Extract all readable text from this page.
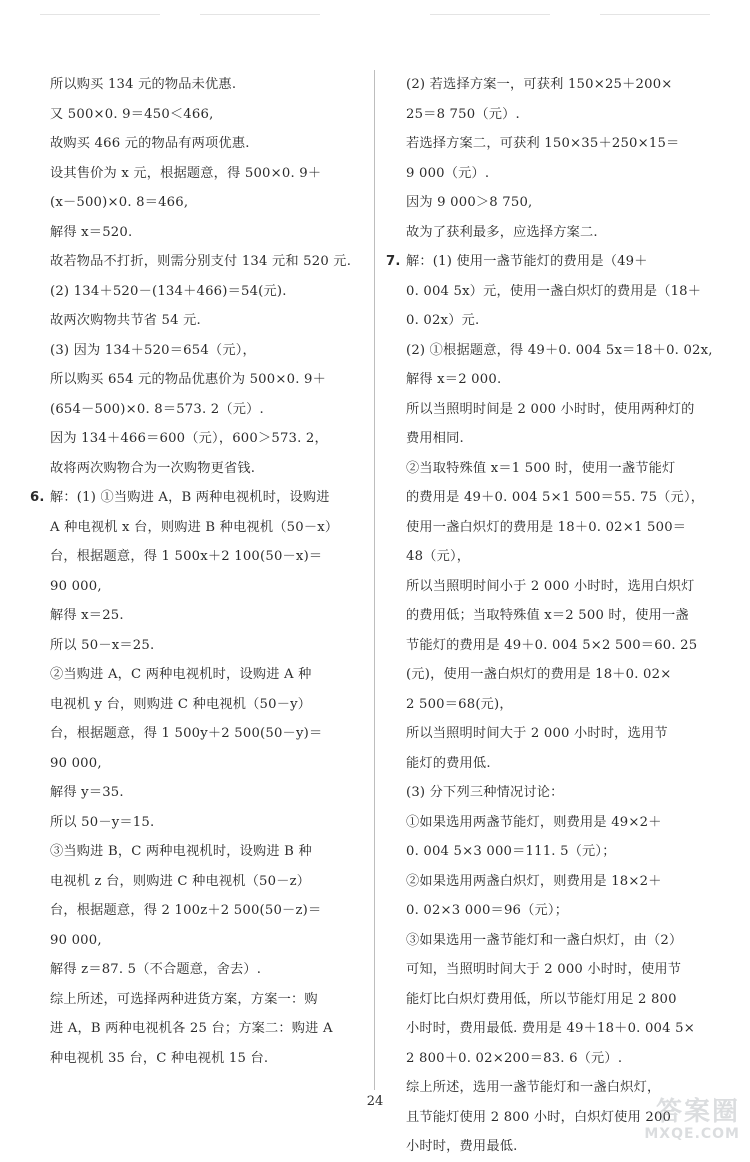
所以购买 134 元的物品未优惠.
又 500×0. 9＝450＜466,
故购买 466 元的物品有两项优惠.
设其售价为 x 元，根据题意，得 500×0. 9＋
(x－500)×0. 8＝466,
解得 x＝520.
故若物品不打折，则需分别支付 134 元和 520 元.
(2) 134＋520－(134＋466)＝54(元).
故两次购物共节省 54 元.
(3) 因为 134＋520＝654（元），
所以购买 654 元的物品优惠价为 500×0. 9＋
(654－500)×0. 8＝573. 2（元）.
因为 134＋466＝600（元），600＞573. 2，
故将两次购物合为一次购物更省钱.
6. 解：(1) ①当购进 A，B 两种电视机时，设购进
A 种电视机 x 台，则购进 B 种电视机（50－x）
台，根据题意，得 1 500x＋2 100(50－x)＝
90 000,
解得 x＝25.
所以 50－x＝25.
②当购进 A，C 两种电视机时，设购进 A 种
电视机 y 台，则购进 C 种电视机（50－y）
台，根据题意，得 1 500y＋2 500(50－y)＝
90 000,
解得 y＝35.
所以 50－y＝15.
③当购进 B，C 两种电视机时，设购进 B 种
电视机 z 台，则购进 C 种电视机（50－z）
台，根据题意，得 2 100z＋2 500(50－z)＝
90 000,
解得 z＝87. 5（不合题意，舍去）.
综上所述，可选择两种进货方案，方案一：购
进 A，B 两种电视机各 25 台；方案二：购进 A
种电视机 35 台，C 种电视机 15 台.
(2) 若选择方案一，可获利 150×25＋200×
25＝8 750（元）.
若选择方案二，可获利 150×35＋250×15＝
9 000（元）.
因为 9 000＞8 750,
故为了获利最多，应选择方案二.
7. 解：(1) 使用一盏节能灯的费用是（49＋
0. 004 5x）元，使用一盏白炽灯的费用是（18＋
0. 02x）元.
(2) ①根据题意，得 49＋0. 004 5x＝18＋0. 02x,
解得 x＝2 000.
所以当照明时间是 2 000 小时时，使用两种灯的
费用相同.
②当取特殊值 x＝1 500 时，使用一盏节能灯
的费用是 49＋0. 004 5×1 500＝55. 75（元），
使用一盏白炽灯的费用是 18＋0. 02×1 500＝
48（元），
所以当照明时间小于 2 000 小时时，选用白炽灯
的费用低；当取特殊值 x＝2 500 时，使用一盏
节能灯的费用是 49＋0. 004 5×2 500＝60. 25
(元)，使用一盏白炽灯的费用是 18＋0. 02×
2 500＝68(元)，
所以当照明时间大于 2 000 小时时，选用节
能灯的费用低.
(3) 分下列三种情况讨论：
①如果选用两盏节能灯，则费用是 49×2＋
0. 004 5×3 000＝111. 5（元）；
②如果选用两盏白炽灯，则费用是 18×2＋
0. 02×3 000＝96（元）；
③如果选用一盏节能灯和一盏白炽灯，由（2）
可知，当照明时间大于 2 000 小时时，使用节
能灯比白炽灯费用低，所以节能灯用足 2 800
小时时，费用最低. 费用是 49＋18＋0. 004 5×
2 800＋0. 02×200＝83. 6（元）.
综上所述，选用一盏节能灯和一盏白炽灯，
且节能灯使用 2 800 小时，白炽灯使用 200
小时时，费用最低.
24	答案圈
MXQE.COM
